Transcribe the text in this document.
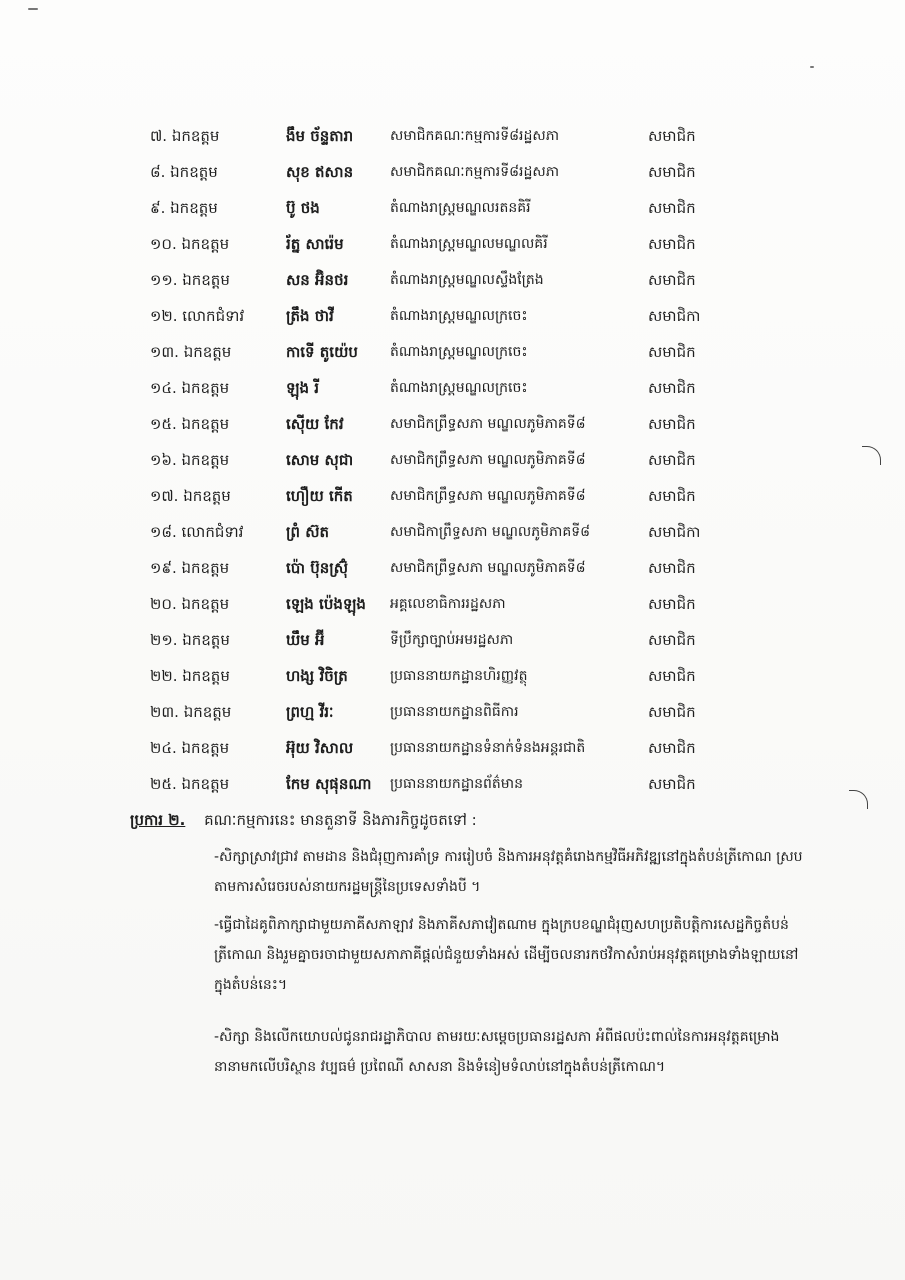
៧. ឯកឧត្តម	ងឹម ច័ន្ទតារា	សមាជិកគណៈកម្មការទី៨រដ្ឋសភា	សមាជិក
៨. ឯកឧត្តម	សុខ ឥសាន	សមាជិកគណៈកម្មការទី៨រដ្ឋសភា	សមាជិក
៩. ឯកឧត្តម	ប៊ូ ថង	តំណាងរាស្ត្រមណ្ឌលរតនគិរី	សមាជិក
១០. ឯកឧត្តម	រ័ត្ន សារ៉េម	តំណាងរាស្ត្រមណ្ឌលមណ្ឌលគិរី	សមាជិក
១១. ឯកឧត្តម	សន អ៊ិនថរ	តំណាងរាស្ត្រមណ្ឌលស្ទឹងត្រែង	សមាជិក
១២. លោកជំទាវ	ត្រឹង ថាវី	តំណាងរាស្ត្រមណ្ឌលក្រចេះ	សមាជិកា
១៣. ឯកឧត្តម	កាទើ តូយ៉េប	តំណាងរាស្ត្រមណ្ឌលក្រចេះ	សមាជិក
១៤. ឯកឧត្តម	ឡុង រី	តំណាងរាស្ត្រមណ្ឌលក្រចេះ	សមាជិក
១៥. ឯកឧត្តម	ស៊ើយ កែវ	សមាជិកព្រឹទ្ធសភា មណ្ឌលភូមិភាគទី៨	សមាជិក
១៦. ឯកឧត្តម	សោម សុជា	សមាជិកព្រឹទ្ធសភា មណ្ឌលភូមិភាគទី៨	សមាជិក
១៧. ឯកឧត្តម	ហឿយ កើត	សមាជិកព្រឹទ្ធសភា មណ្ឌលភូមិភាគទី៨	សមាជិក
១៨. លោកជំទាវ	ព្រំ ស៊ត	សមាជិកាព្រឹទ្ធសភា មណ្ឌលភូមិភាគទី៨	សមាជិកា
១៩. ឯកឧត្តម	ប៉ោ ប៊ុនស៊្រុំ	សមាជិកព្រឹទ្ធសភា មណ្ឌលភូមិភាគទី៨	សមាជិក
២០. ឯកឧត្តម	ឡេង ប៉េងឡុង	អគ្គលេខាធិការរដ្ឋសភា	សមាជិក
២១. ឯកឧត្តម	ឃឹម អ៊ី	ទីប្រឹក្សាច្បាប់អមរដ្ឋសភា	សមាជិក
២២. ឯកឧត្តម	ហង្ស វិចិត្រ	ប្រធាននាយកដ្ឋានហិរញ្ញវត្ថុ	សមាជិក
២៣. ឯកឧត្តម	ព្រហ្ម វីរៈ	ប្រធាននាយកដ្ឋានពិធីការ	សមាជិក
២៤. ឯកឧត្តម	អ៊ុយ វិសាល	ប្រធាននាយកដ្ឋានទំនាក់ទំនងអន្តរជាតិ	សមាជិក
២៥. ឯកឧត្តម	កែម សុផុនណា	ប្រធាននាយកដ្ឋានព័ត៌មាន	សមាជិក
ប្រការ ២. គណៈកម្មការនេះ មានតួនាទី និងភារកិច្ចដូចតទៅ :
-សិក្សាស្រាវជ្រាវ តាមដាន និងជំរុញការគាំទ្រ ការរៀបចំ និងការអនុវត្តគំរោងកម្មវិធីអភិវឌ្ឍនៅក្នុងតំបន់ត្រីកោណ ស្របតាមការសំរេចរបស់នាយករដ្ឋមន្ត្រីនៃប្រទេសទាំងបី ។
-ធ្វើជាដៃគូពិភាក្សាជាមួយភាគីសភាឡាវ និងភាគីសភាវៀតណាម ក្នុងក្របខណ្ឌជំរុញសហប្រតិបត្តិការសេដ្ឋកិច្ចតំបន់ត្រីកោណ និងរួមគ្នាចរចាជាមួយសភាភាគីផ្តល់ជំនួយទាំងអស់ ដើម្បីចលនារកថវិកាសំរាប់អនុវត្តគម្រោងទាំងឡាយនៅក្នុងតំបន់នេះ។
-សិក្សា និងលើកយោបល់ជូនរាជរដ្ឋាភិបាល តាមរយៈសម្តេចប្រធានរដ្ឋសភា អំពីផលប៉ះពាល់នៃការអនុវត្តគម្រោងនានាមកលើបរិស្ថាន វប្បធម៌ ប្រពៃណី សាសនា និងទំនៀមទំលាប់នៅក្នុងតំបន់ត្រីកោណ។
